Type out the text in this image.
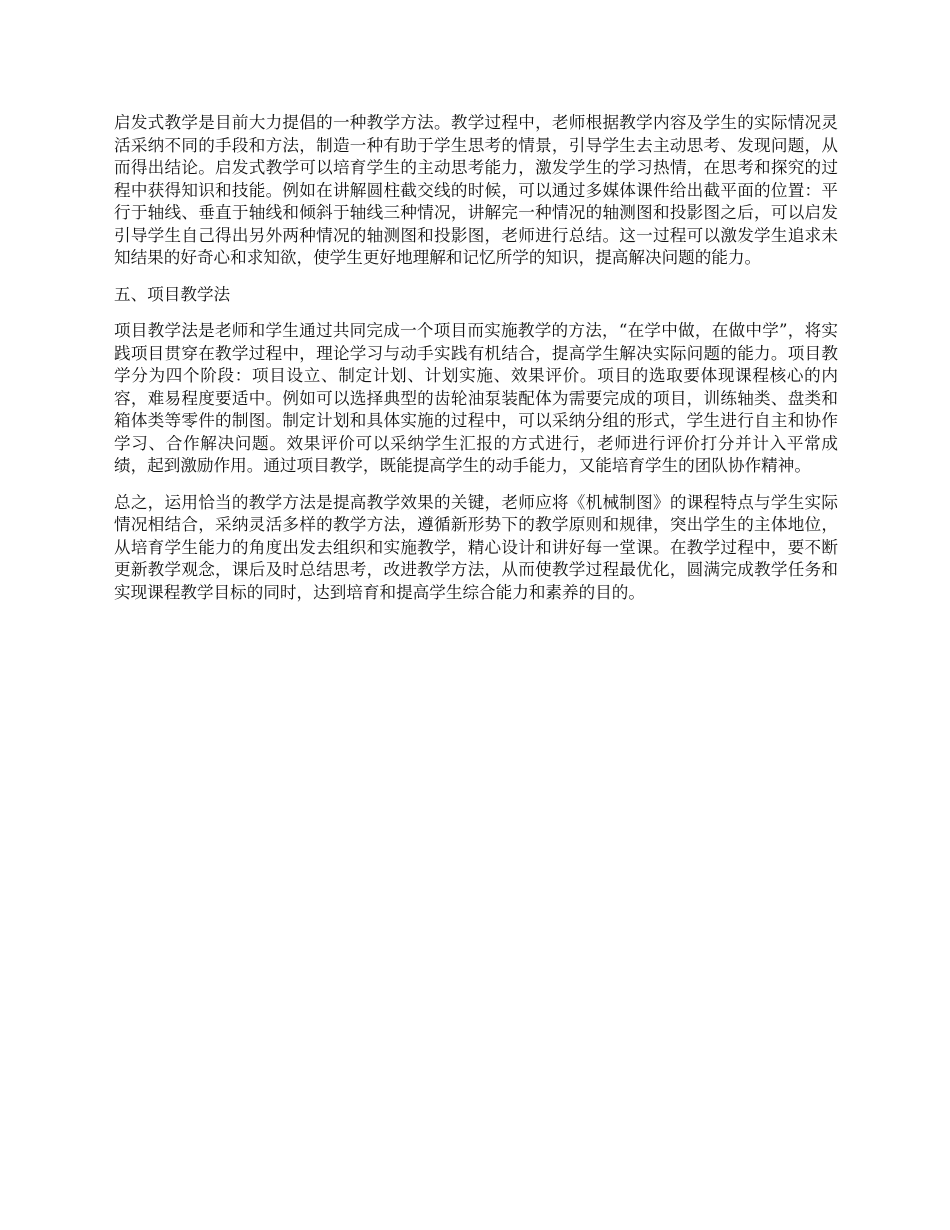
启发式教学是目前大力提倡的一种教学方法。教学过程中，老师根据教学内容及学生的实际情况灵活采纳不同的手段和方法，制造一种有助于学生思考的情景，引导学生去主动思考、发现问题，从而得出结论。启发式教学可以培育学生的主动思考能力，激发学生的学习热情，在思考和探究的过程中获得知识和技能。例如在讲解圆柱截交线的时候，可以通过多媒体课件给出截平面的位置：平行于轴线、垂直于轴线和倾斜于轴线三种情况，讲解完一种情况的轴测图和投影图之后，可以启发引导学生自己得出另外两种情况的轴测图和投影图，老师进行总结。这一过程可以激发学生追求未知结果的好奇心和求知欲，使学生更好地理解和记忆所学的知识，提高解决问题的能力。

五、项目教学法

项目教学法是老师和学生通过共同完成一个项目而实施教学的方法，“在学中做，在做中学”，将实践项目贯穿在教学过程中，理论学习与动手实践有机结合，提高学生解决实际问题的能力。项目教学分为四个阶段：项目设立、制定计划、计划实施、效果评价。项目的选取要体现课程核心的内容，难易程度要适中。例如可以选择典型的齿轮油泵装配体为需要完成的项目，训练轴类、盘类和箱体类等零件的制图。制定计划和具体实施的过程中，可以采纳分组的形式，学生进行自主和协作学习、合作解决问题。效果评价可以采纳学生汇报的方式进行，老师进行评价打分并计入平常成绩，起到激励作用。通过项目教学，既能提高学生的动手能力，又能培育学生的团队协作精神。

总之，运用恰当的教学方法是提高教学效果的关键，老师应将《机械制图》的课程特点与学生实际情况相结合，采纳灵活多样的教学方法，遵循新形势下的教学原则和规律，突出学生的主体地位，从培育学生能力的角度出发去组织和实施教学，精心设计和讲好每一堂课。在教学过程中，要不断更新教学观念，课后及时总结思考，改进教学方法，从而使教学过程最优化，圆满完成教学任务和实现课程教学目标的同时，达到培育和提高学生综合能力和素养的目的。
